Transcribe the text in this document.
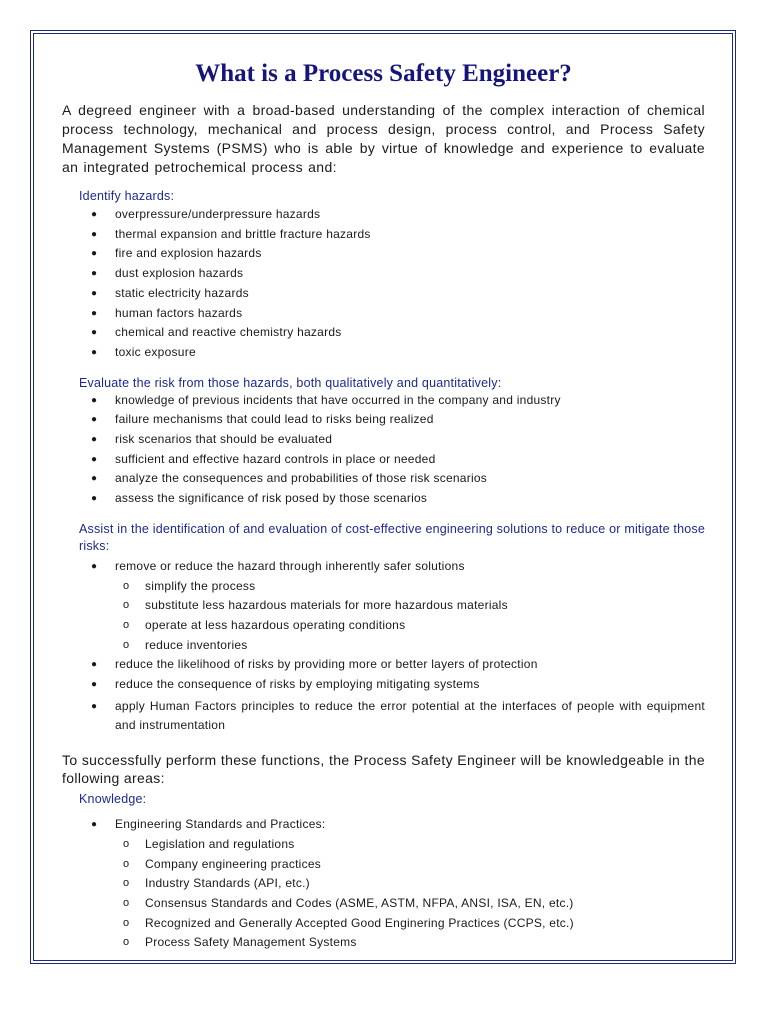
What is a Process Safety Engineer?

A degreed engineer with a broad-based understanding of the complex interaction of chemical process technology, mechanical and process design, process control, and Process Safety Management Systems (PSMS) who is able by virtue of knowledge and experience to evaluate an integrated petrochemical process and:

Identify hazards:
● overpressure/underpressure hazards
● thermal expansion and brittle fracture hazards
● fire and explosion hazards
● dust explosion hazards
● static electricity hazards
● human factors hazards
● chemical and reactive chemistry hazards
● toxic exposure
Evaluate the risk from those hazards, both qualitatively and quantitatively:
● knowledge of previous incidents that have occurred in the company and industry
● failure mechanisms that could lead to risks being realized
● risk scenarios that should be evaluated
● sufficient and effective hazard controls in place or needed
● analyze the consequences and probabilities of those risk scenarios
● assess the significance of risk posed by those scenarios
Assist in the identification of and evaluation of cost-effective engineering solutions to reduce or mitigate those risks:
● remove or reduce the hazard through inherently safer solutions
o simplify the process
o substitute less hazardous materials for more hazardous materials
o operate at less hazardous operating conditions
o reduce inventories
● reduce the likelihood of risks by providing more or better layers of protection
● reduce the consequence of risks by employing mitigating systems
● apply Human Factors principles to reduce the error potential at the interfaces of people with equipment and instrumentation

To successfully perform these functions, the Process Safety Engineer will be knowledgeable in the following areas:

Knowledge:
● Engineering Standards and Practices:
o Legislation and regulations
o Company engineering practices
o Industry Standards (API, etc.)
o Consensus Standards and Codes (ASME, ASTM, NFPA, ANSI, ISA, EN, etc.)
o Recognized and Generally Accepted Good Enginering Practices (CCPS, etc.)
o Process Safety Management Systems
